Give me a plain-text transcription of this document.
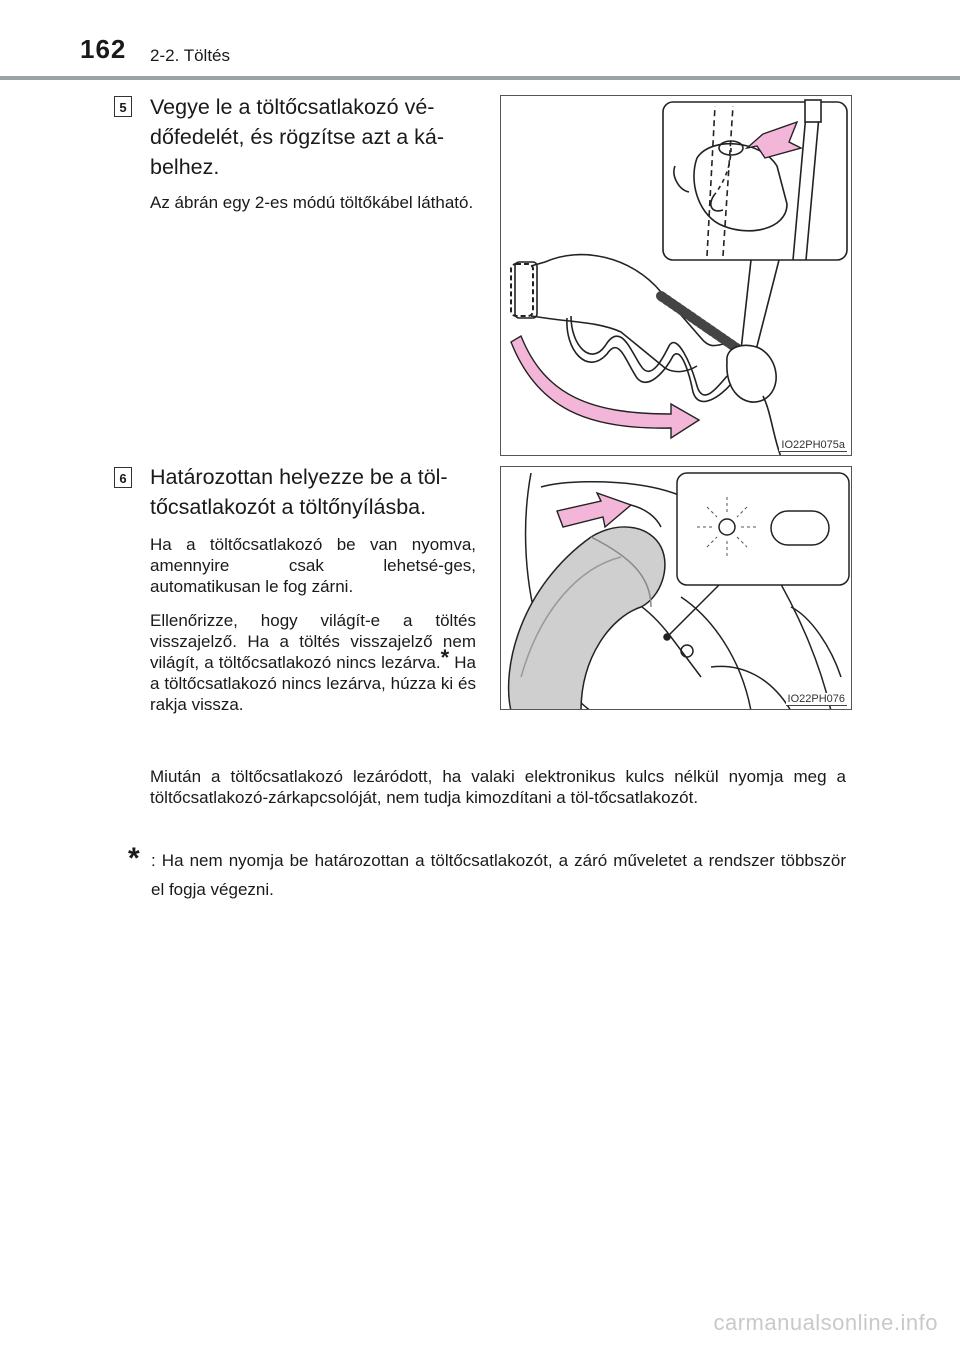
162 2-2. Töltés
5 Vegye le a töltőcsatlakozó vé-dőfedelét, és rögzítse azt a ká-belhez.
Az ábrán egy 2-es módú töltőkábel látható.
IO22PH075a
6 Határozottan helyezze be a töl-tőcsatlakozót a töltőnyílásba.
Ha a töltőcsatlakozó be van nyomva, amennyire csak lehetsé-ges, automatikusan le fog zárni.
Ellenőrizze, hogy világít-e a töltés visszajelző. Ha a töltés visszajelző nem világít, a töltőcsatlakozó nincs lezárva.* Ha a töltőcsatlakozó nincs lezárva, húzza ki és rakja vissza.	IO22PH076
Miután a töltőcsatlakozó lezáródott, ha valaki elektronikus kulcs nélkül nyomja meg a töltőcsatlakozó-zárkapcsolóját, nem tudja kimozdítani a töl-tőcsatlakozót.
* : Ha nem nyomja be határozottan a töltőcsatlakozót, a záró műveletet a rendszer többször el fogja végezni.
carmanualsonline.info
